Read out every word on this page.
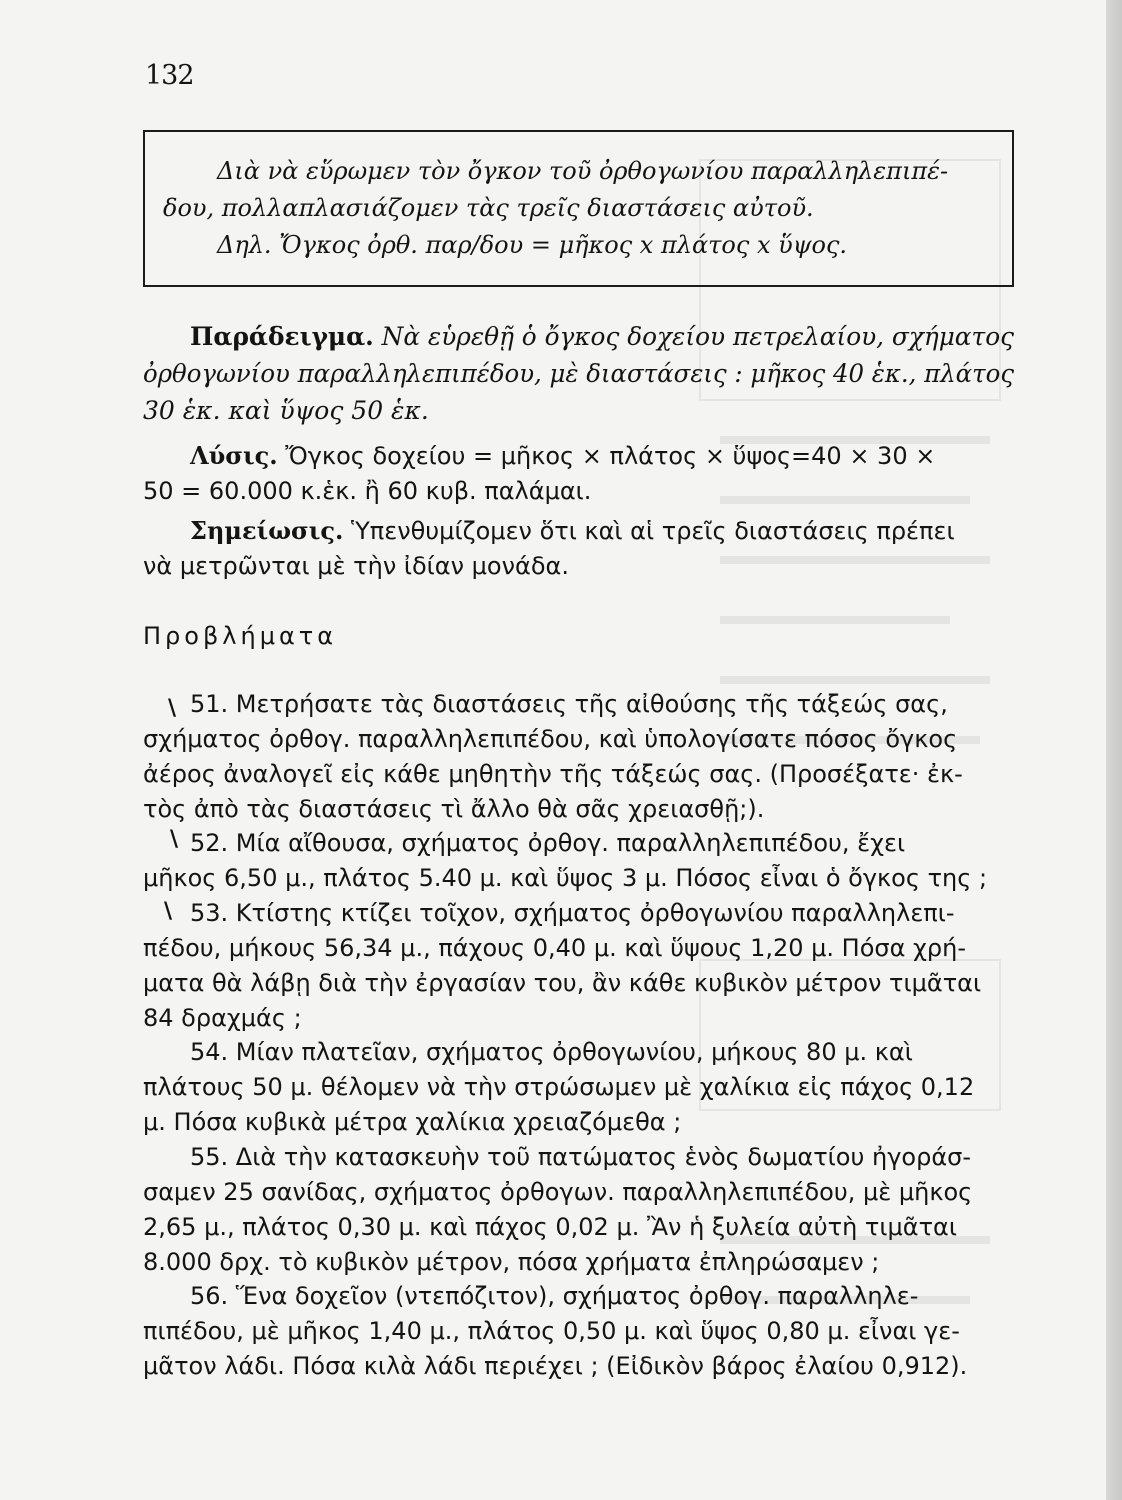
132
Διὰ νὰ εὕρωμεν τὸν ὄγκον τοῦ ὀρθογωνίου παραλληλεπιπέ-
δου, πολλαπλασιάζομεν τὰς τρεῖς διαστάσεις αὐτοῦ.
Δηλ. Ὄγκος ὀρθ. παρ/δου = μῆκος x πλάτος x ὕψος.
Παράδειγμα. Νὰ εὑρεθῇ ὁ ὄγκος δοχείου πετρελαίου, σχήματος
ὀρθογωνίου παραλληλεπιπέδου, μὲ διαστάσεις : μῆκος 40 ἑκ., πλάτος
30 ἑκ. καὶ ὕψος 50 ἑκ.
Λύσις. Ὄγκος δοχείου = μῆκος × πλάτος × ὕψος=40 × 30 ×
50 = 60.000 κ.ἑκ. ἢ 60 κυβ. παλάμαι.
Σημείωσις. Ὑπενθυμίζομεν ὅτι καὶ αἱ τρεῖς διαστάσεις πρέπει
νὰ μετρῶνται μὲ τὴν ἰδίαν μονάδα.
Προβλήματα
\
\
\
51. Μετρήσατε τὰς διαστάσεις τῆς αἰθούσης τῆς τάξεώς σας,
σχήματος ὀρθογ. παραλληλεπιπέδου, καὶ ὑπολογίσατε πόσος ὄγκος
ἀέρος ἀναλογεῖ εἰς κάθε μηθητὴν τῆς τάξεώς σας. (Προσέξατε· ἐκ-
τὸς ἀπὸ τὰς διαστάσεις τὶ ἄλλο θὰ σᾶς χρειασθῇ;).
52. Μία αἴθουσα, σχήματος ὀρθογ. παραλληλεπιπέδου, ἔχει
μῆκος 6,50 μ., πλάτος 5.40 μ. καὶ ὕψος 3 μ. Πόσος εἶναι ὁ ὄγκος της ;
53. Κτίστης κτίζει τοῖχον, σχήματος ὀρθογωνίου παραλληλεπι-
πέδου, μήκους 56,34 μ., πάχους 0,40 μ. καὶ ὕψους 1,20 μ. Πόσα χρή-
ματα θὰ λάβῃ διὰ τὴν ἐργασίαν του, ἂν κάθε κυβικὸν μέτρον τιμᾶται
84 δραχμάς ;
54. Μίαν πλατεῖαν, σχήματος ὀρθογωνίου, μήκους 80 μ. καὶ
πλάτους 50 μ. θέλομεν νὰ τὴν στρώσωμεν μὲ χαλίκια εἰς πάχος 0,12
μ. Πόσα κυβικὰ μέτρα χαλίκια χρειαζόμεθα ;
55. Διὰ τὴν κατασκευὴν τοῦ πατώματος ἑνὸς δωματίου ἠγοράσ-
σαμεν 25 σανίδας, σχήματος ὀρθογων. παραλληλεπιπέδου, μὲ μῆκος
2,65 μ., πλάτος 0,30 μ. καὶ πάχος 0,02 μ. Ἂν ἡ ξυλεία αὐτὴ τιμᾶται
8.000 δρχ. τὸ κυβικὸν μέτρον, πόσα χρήματα ἐπληρώσαμεν ;
56. Ἕνα δοχεῖον (ντεπόζιτον), σχήματος ὀρθογ. παραλληλε-
πιπέδου, μὲ μῆκος 1,40 μ., πλάτος 0,50 μ. καὶ ὕψος 0,80 μ. εἶναι γε-
μᾶτον λάδι. Πόσα κιλὰ λάδι περιέχει ; (Εἰδικὸν βάρος ἐλαίου 0,912).
